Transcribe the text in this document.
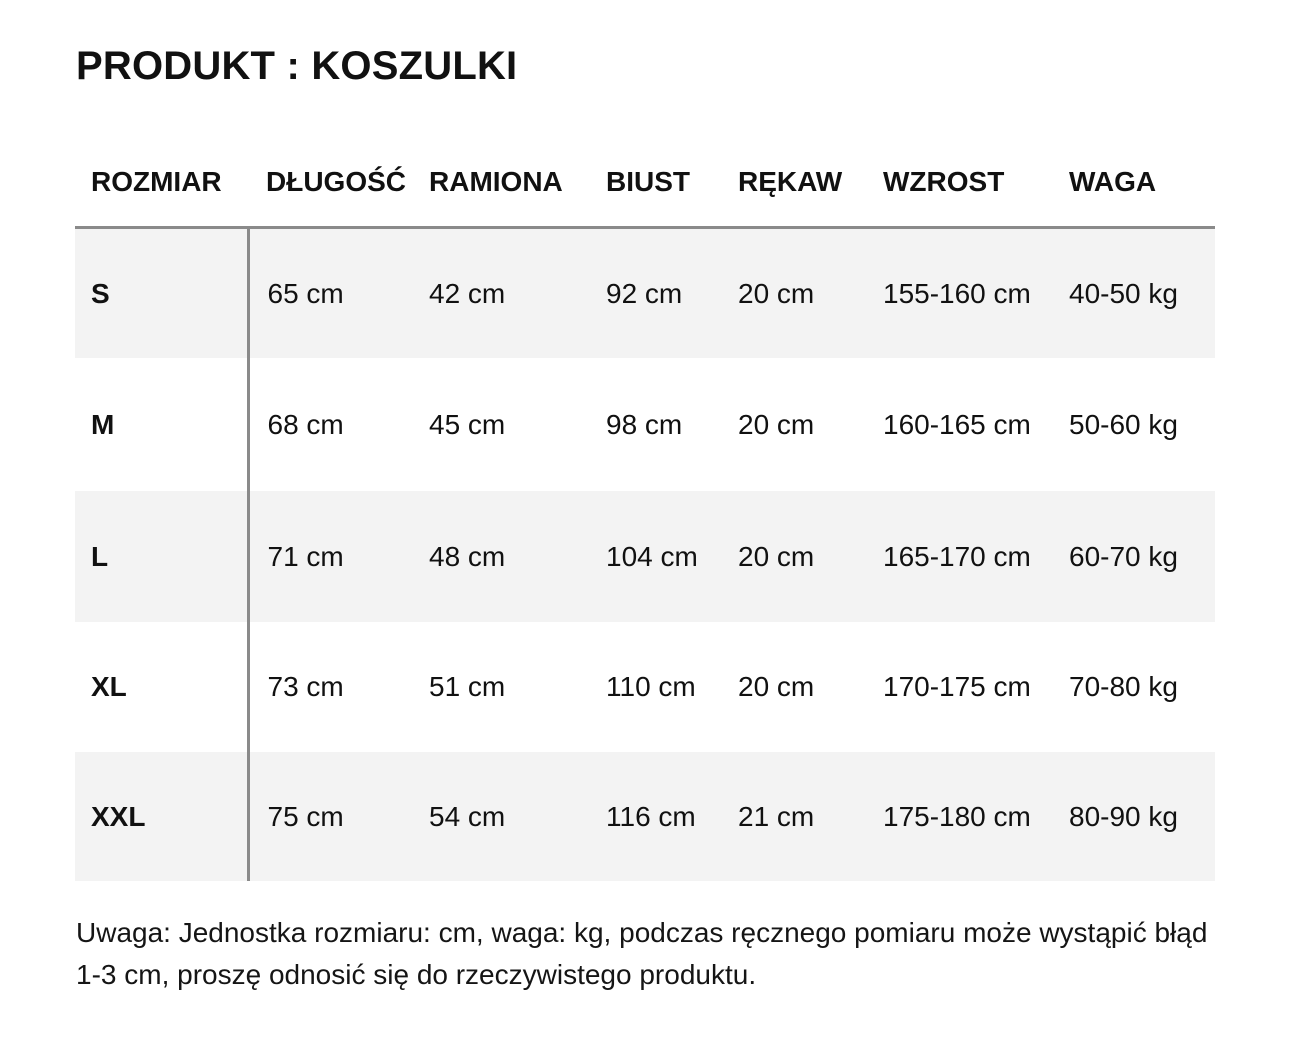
PRODUKT : KOSZULKI
ROZMIAR	DŁUGOŚĆ	RAMIONA	BIUST	RĘKAW	WZROST	WAGA
S	65 cm	42 cm	92 cm	20 cm	155-160 cm	40-50 kg
M	68 cm	45 cm	98 cm	20 cm	160-165 cm	50-60 kg
L	71 cm	48 cm	104 cm	20 cm	165-170 cm	60-70 kg
XL	73 cm	51 cm	110 cm	20 cm	170-175 cm	70-80 kg
XXL	75 cm	54 cm	116 cm	21 cm	175-180 cm	80-90 kg

Uwaga: Jednostka rozmiaru: cm, waga: kg, podczas ręcznego pomiaru może wystąpić błąd 1-3 cm, proszę odnosić się do rzeczywistego produktu.
